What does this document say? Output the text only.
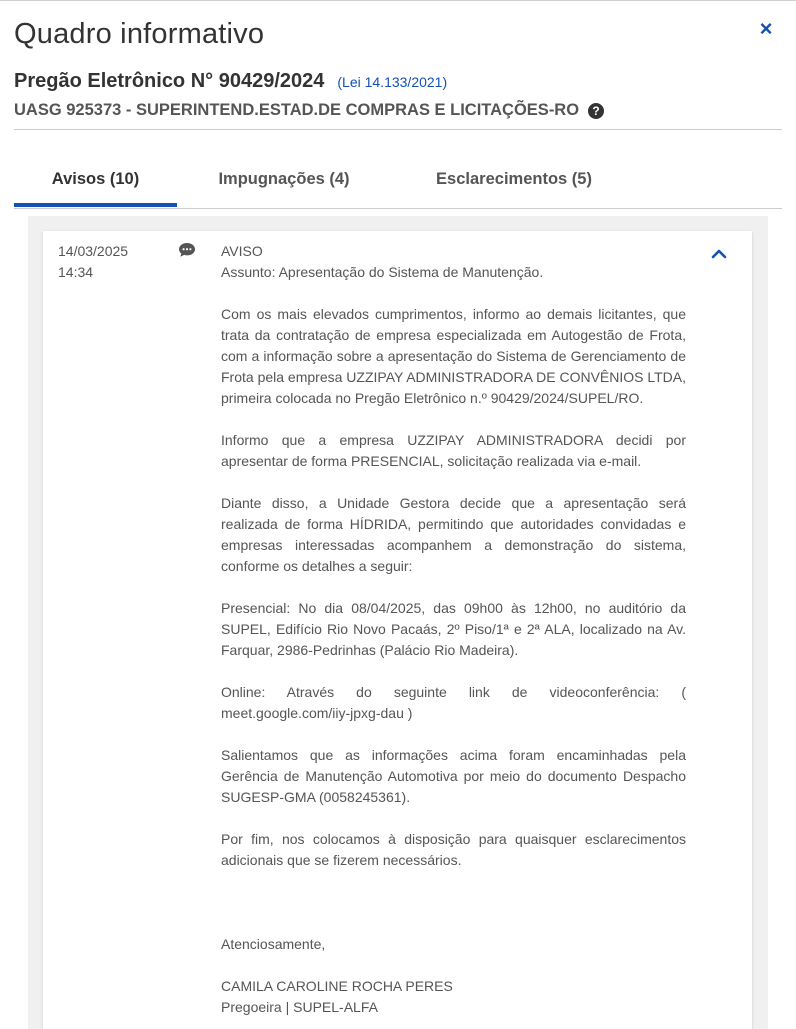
Quadro informativo	×
Pregão Eletrônico N° 90429/2024 (Lei 14.133/2021)
UASG 925373 - SUPERINTEND.ESTAD.DE COMPRAS E LICITAÇÕES-RO	?
Avisos (10)	Impugnações (4)	Esclarecimentos (5)
14/03/2025
14:34

AVISO

Assunto: Apresentação do Sistema de Manutenção.

Com os mais elevados cumprimentos, informo ao demais licitantes, que trata da contratação de empresa especializada em Autogestão de Frota, com a informação sobre a apresentação do Sistema de Gerenciamento de Frota pela empresa UZZIPAY ADMINISTRADORA DE CONVÊNIOS LTDA, primeira colocada no Pregão Eletrônico n.º 90429/2024/SUPEL/RO.

Informo que a empresa UZZIPAY ADMINISTRADORA decidi por apresentar de forma PRESENCIAL, solicitação realizada via e-mail.

Diante disso, a Unidade Gestora decide que a apresentação será realizada de forma HÍDRIDA, permitindo que autoridades convidadas e empresas interessadas acompanhem a demonstração do sistema, conforme os detalhes a seguir:

Presencial: No dia 08/04/2025, das 09h00 às 12h00, no auditório da SUPEL, Edifício Rio Novo Pacaás, 2º Piso/1ª e 2ª ALA, localizado na Av. Farquar, 2986-Pedrinhas (Palácio Rio Madeira).

Online: Através do seguinte link de videoconferência: ( meet.google.com/iiy-jpxg-dau )

Salientamos que as informações acima foram encaminhadas pela Gerência de Manutenção Automotiva por meio do documento Despacho SUGESP-GMA (0058245361).

Por fim, nos colocamos à disposição para quaisquer esclarecimentos adicionais que se fizerem necessários.

Atenciosamente,

CAMILA CAROLINE ROCHA PERES

Pregoeira | SUPEL-ALFA
